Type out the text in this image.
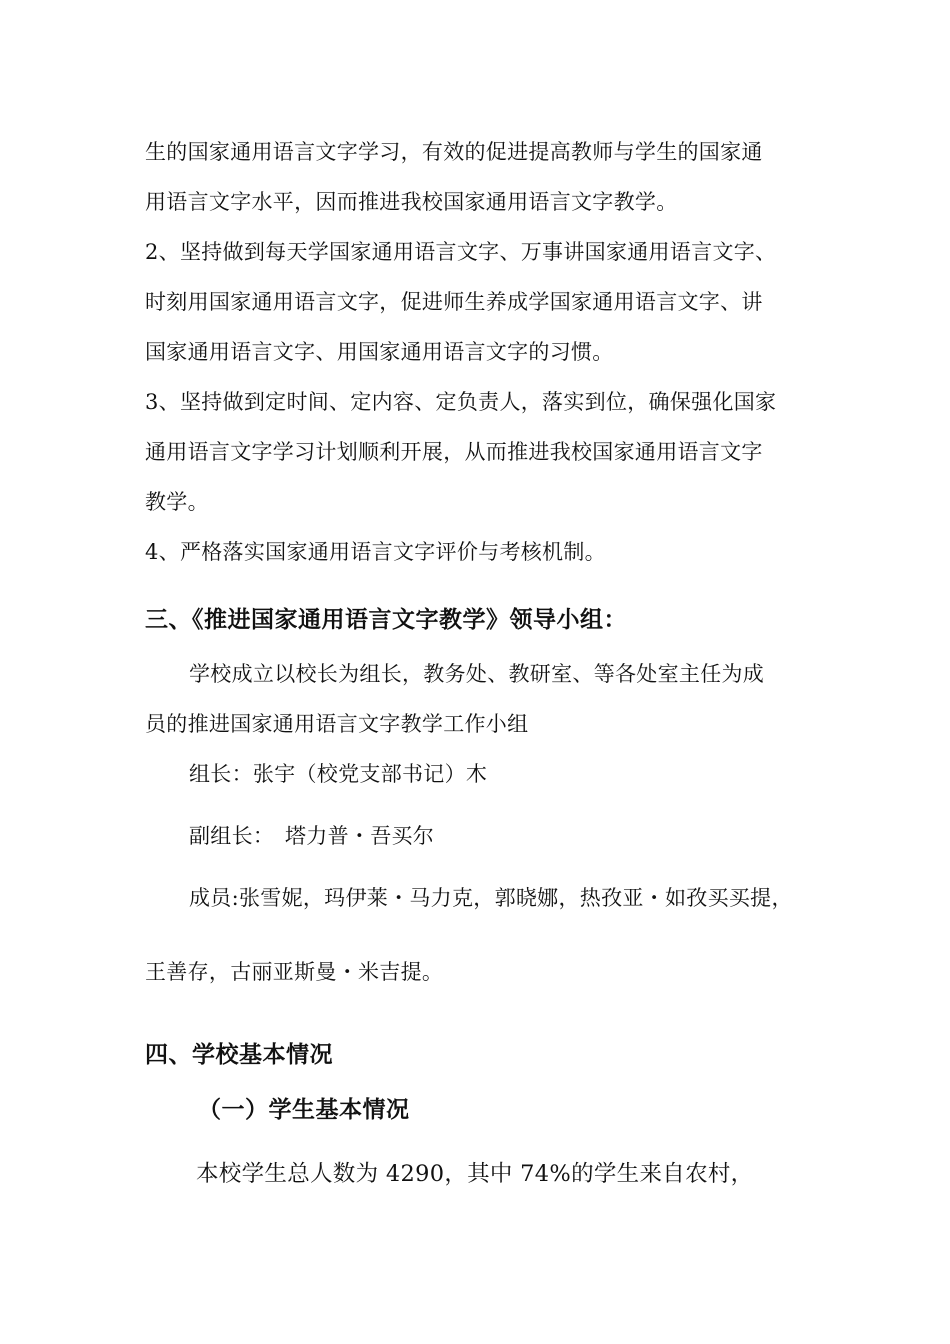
生的国家通用语言文字学习，有效的促进提高教师与学生的国家通
用语言文字水平，因而推进我校国家通用语言文字教学。
2、坚持做到每天学国家通用语言文字、万事讲国家通用语言文字、
时刻用国家通用语言文字，促进师生养成学国家通用语言文字、讲
国家通用语言文字、用国家通用语言文字的习惯。
3、坚持做到定时间、定内容、定负责人，落实到位，确保强化国家
通用语言文字学习计划顺利开展，从而推进我校国家通用语言文字
教学。
4、严格落实国家通用语言文字评价与考核机制。
三、《推进国家通用语言文字教学》领导小组：
学校成立以校长为组长，教务处、教研室、等各处室主任为成
员的推进国家通用语言文字教学工作小组
组长：张宇（校党支部书记）木
副组长：　塔力普・吾买尔
成员:张雪妮，玛伊莱・马力克，郭晓娜，热孜亚・如孜买买提，
王善存，古丽亚斯曼・米吉提。
四、学校基本情况
（一）学生基本情况
本校学生总人数为 4290，其中 74%的学生来自农村，
